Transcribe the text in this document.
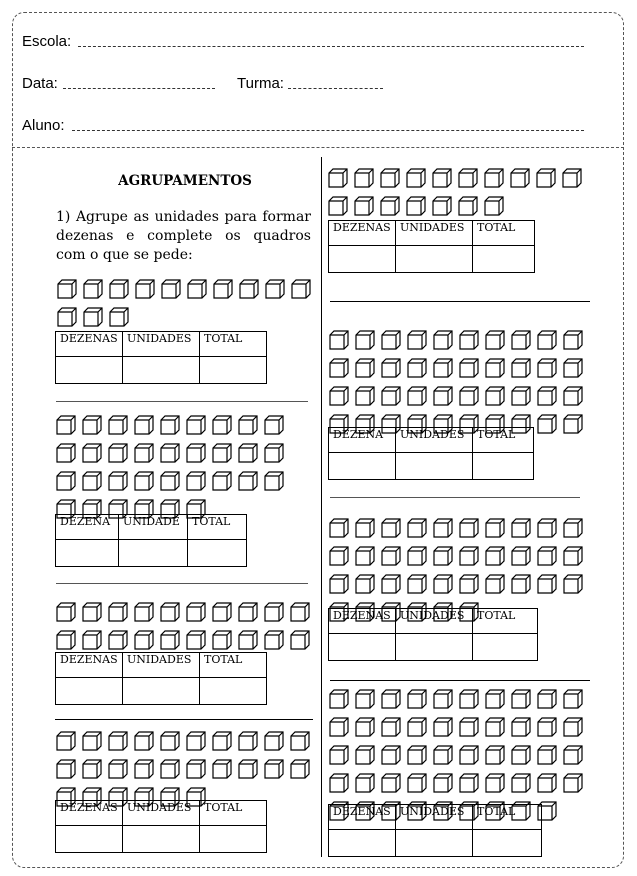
Escola:
Data:	Turma:
Aluno:
AGRUPAMENTOS
1) Agrupe as unidades para formar dezenas e complete os quadros com o que se pede:
DEZENAS	UNIDADES	TOTAL

DEZENA	UNIDADE	TOTAL

DEZENAS	UNIDADES	TOTAL

DEZENAS	UNIDADES	TOTAL

DEZENAS	UNIDADES	TOTAL

DEZENA	UNIDADES	TOTAL

DEZENAS	UNIDADES	TOTAL

DEZENAS	UNIDADES	TOTAL
